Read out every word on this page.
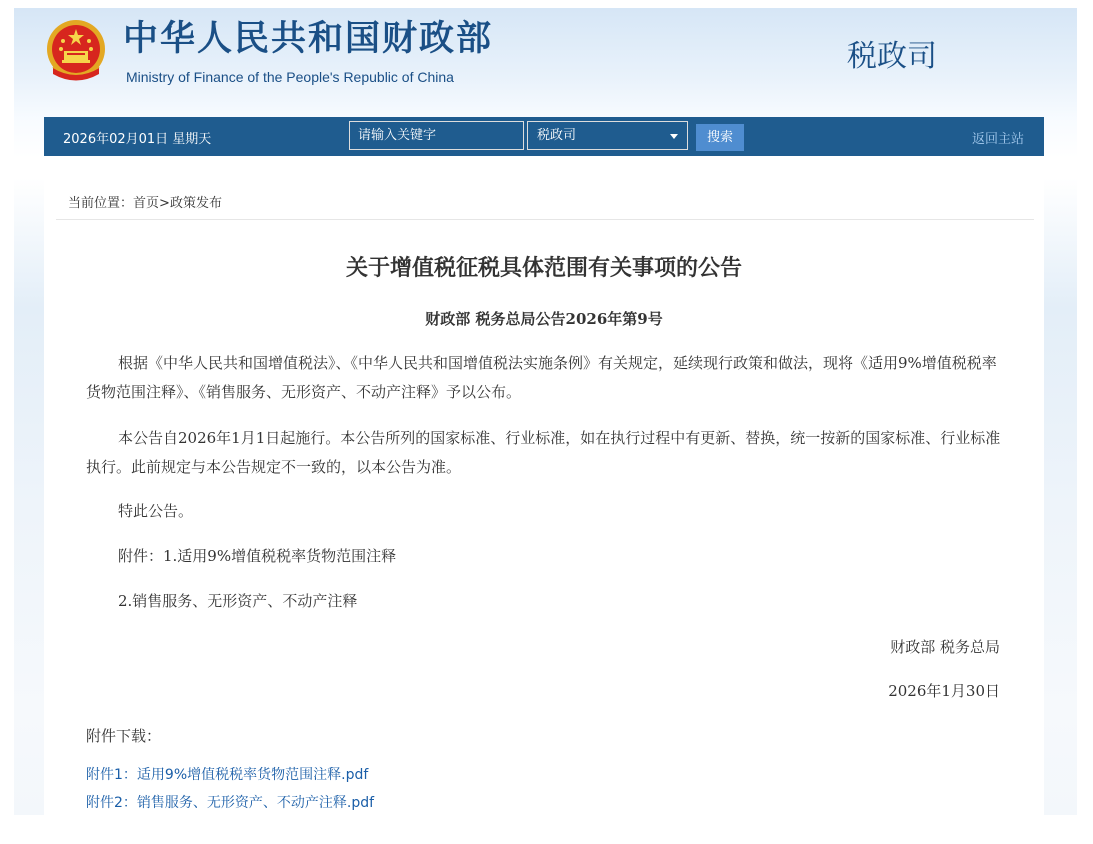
中华人民共和国财政部
Ministry of Finance of the People's Republic of China
税政司
2026年02月01日 星期天
请输入关键字	税政司	搜索	返回主站
当前位置：首页>政策发布
关于增值税征税具体范围有关事项的公告
财政部 税务总局公告2026年第9号
根据《中华人民共和国增值税法》、《中华人民共和国增值税法实施条例》有关规定，延续现行政策和做法，现将《适用9%增值税税率货物范围注释》、《销售服务、无形资产、不动产注释》予以公布。
本公告自2026年1月1日起施行。本公告所列的国家标准、行业标准，如在执行过程中有更新、替换，统一按新的国家标准、行业标准执行。此前规定与本公告规定不一致的，以本公告为准。
特此公告。
附件：1.适用9%增值税税率货物范围注释
2.销售服务、无形资产、不动产注释
财政部 税务总局
2026年1月30日
附件下载：
附件1：适用9%增值税税率货物范围注释.pdf
附件2：销售服务、无形资产、不动产注释.pdf
